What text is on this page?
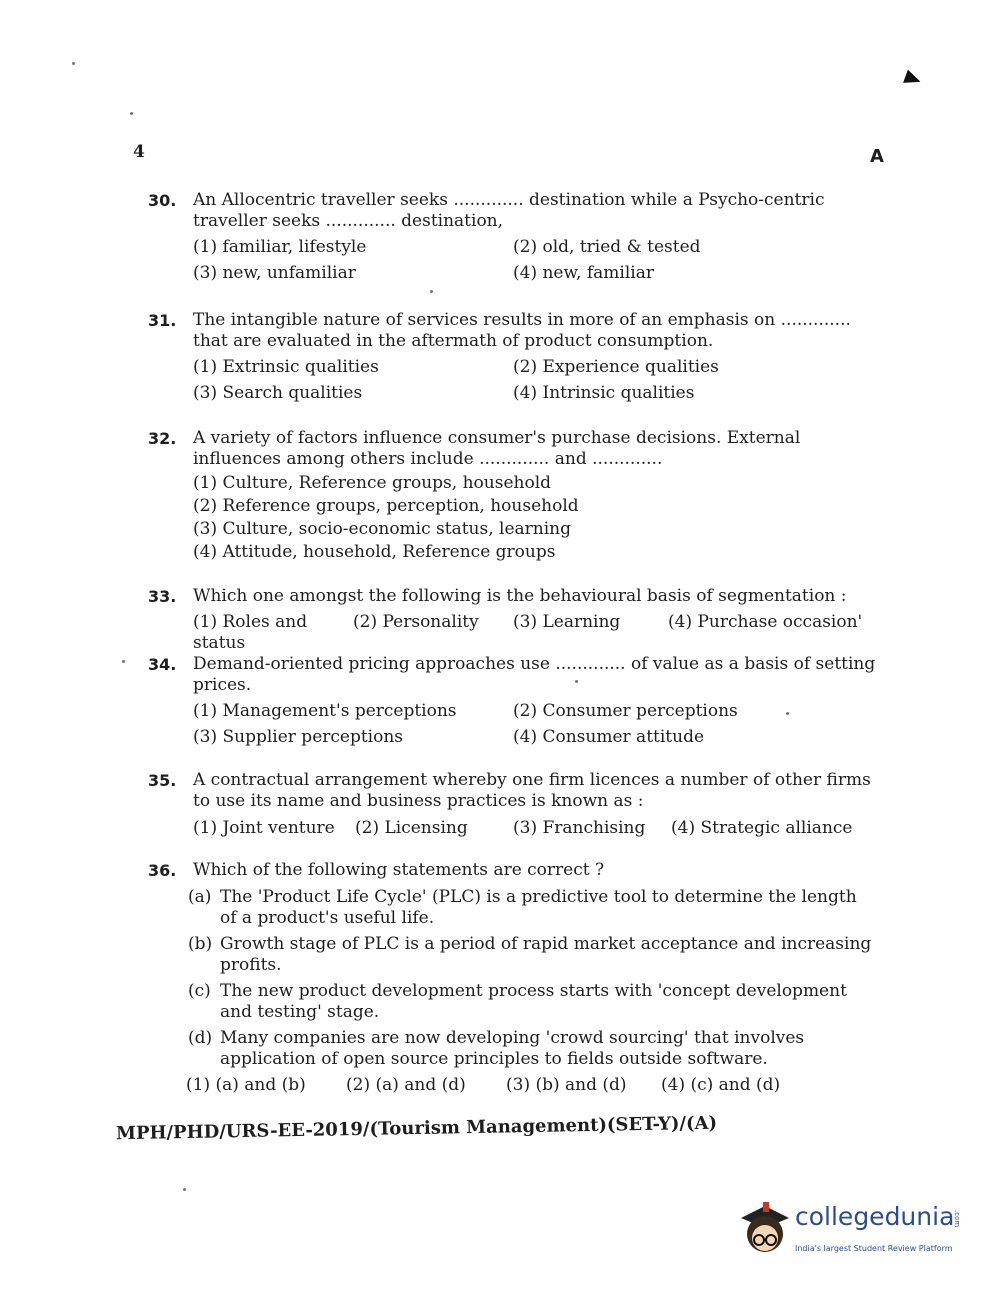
4	A
30. An Allocentric traveller seeks ............. destination while a Psycho-centric traveller seeks ............. destination,
(1) familiar, lifestyle	(2) old, tried & tested
(3) new, unfamiliar	(4) new, familiar
31. The intangible nature of services results in more of an emphasis on ............. that are evaluated in the aftermath of product consumption.
(1) Extrinsic qualities	(2) Experience qualities
(3) Search qualities	(4) Intrinsic qualities
32. A variety of factors influence consumer's purchase decisions. External influences among others include ............. and .............
(1) Culture, Reference groups, household
(2) Reference groups, perception, household
(3) Culture, socio-economic status, learning
(4) Attitude, household, Reference groups
33. Which one amongst the following is the behavioural basis of segmentation :
(1) Roles and status
(2) Personality	(3) Learning	(4) Purchase occasion'
34. Demand-oriented pricing approaches use ............. of value as a basis of setting prices.
(1) Management's perceptions	(2) Consumer perceptions
(3) Supplier perceptions	(4) Consumer attitude
35. A contractual arrangement whereby one firm licences a number of other firms to use its name and business practices is known as :
(1) Joint venture	(2) Licensing	(3) Franchising	(4) Strategic alliance
36. Which of the following statements are correct ?
(a) The 'Product Life Cycle' (PLC) is a predictive tool to determine the length of a product's useful life.
(b) Growth stage of PLC is a period of rapid market acceptance and increasing profits.
(c) The new product development process starts with 'concept development and testing' stage.
(d) Many companies are now developing 'crowd sourcing' that involves application of open source principles to fields outside software.
(1) (a) and (b)	(2) (a) and (d)	(3) (b) and (d)	(4) (c) and (d)
MPH/PHD/URS-EE-2019/(Tourism Management)(SET-Y)/(A)
collegedunia
.com
India's largest Student Review Platform
